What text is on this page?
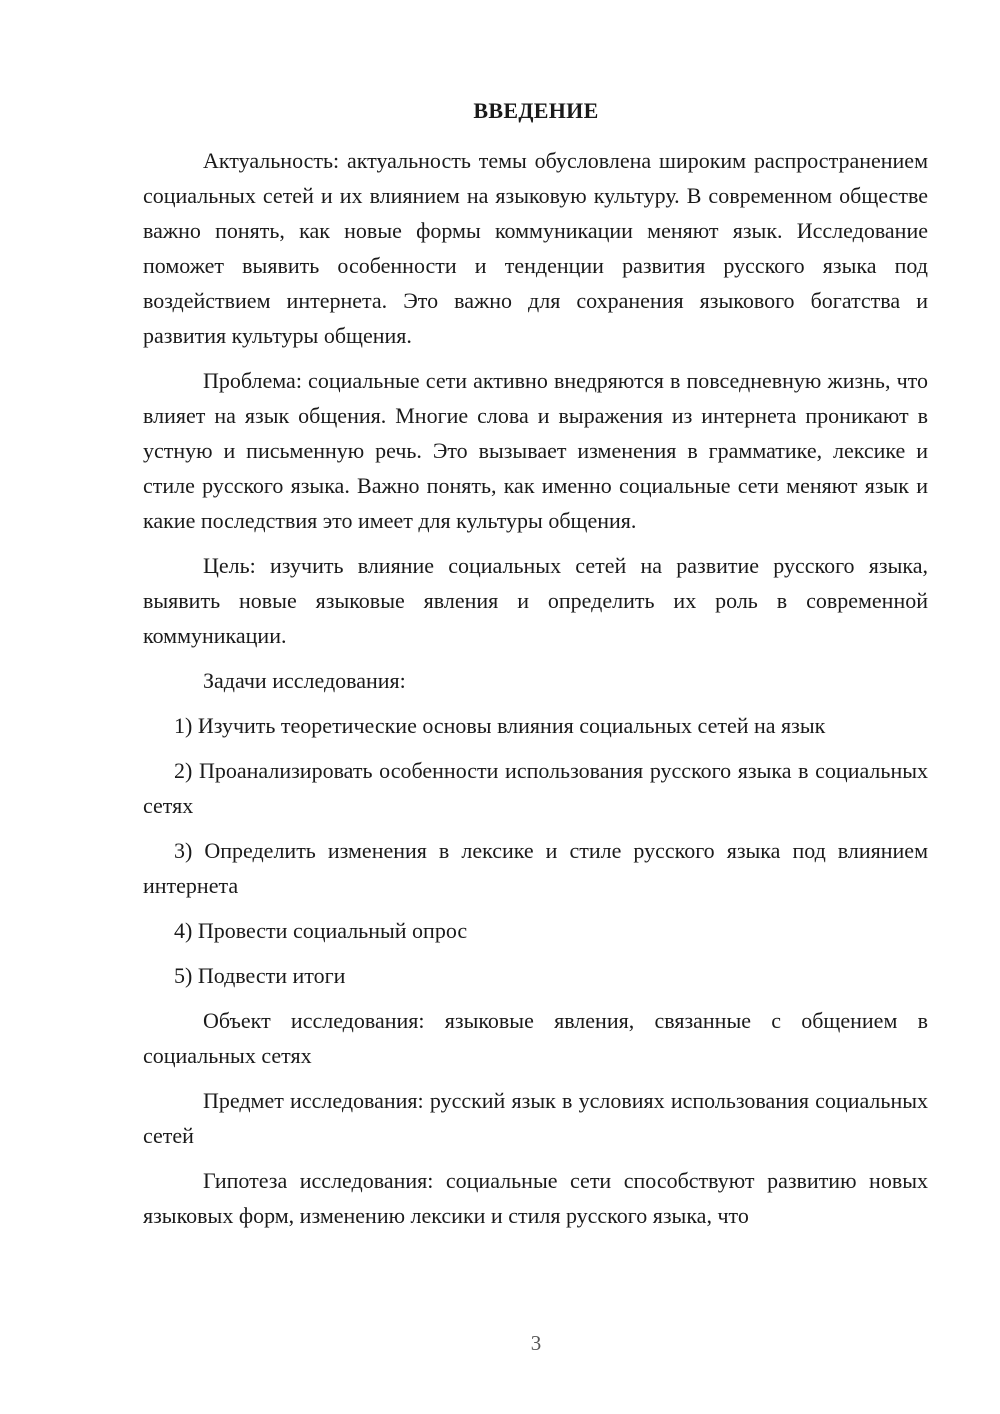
ВВЕДЕНИЕ

Актуальность: актуальность темы обусловлена широким распространением социальных сетей и их влиянием на языковую культуру. В современном обществе важно понять, как новые формы коммуникации меняют язык. Исследование поможет выявить особенности и тенденции развития русского языка под воздействием интернета. Это важно для сохранения языкового богатства и развития культуры общения.

Проблема: социальные сети активно внедряются в повседневную жизнь, что влияет на язык общения. Многие слова и выражения из интернета проникают в устную и письменную речь. Это вызывает изменения в грамматике, лексике и стиле русского языка. Важно понять, как именно социальные сети меняют язык и какие последствия это имеет для культуры общения.

Цель: изучить влияние социальных сетей на развитие русского языка, выявить новые языковые явления и определить их роль в современной коммуникации.

Задачи исследования:

1) Изучить теоретические основы влияния социальных сетей на язык

2) Проанализировать особенности использования русского языка в социальных сетях

3) Определить изменения в лексике и стиле русского языка под влиянием интернета

4) Провести социальный опрос

5) Подвести итоги

Объект исследования: языковые явления, связанные с общением в социальных сетях

Предмет исследования: русский язык в условиях использования социальных сетей

Гипотеза исследования: социальные сети способствуют развитию новых языковых форм, изменению лексики и стиля русского языка, что

3
